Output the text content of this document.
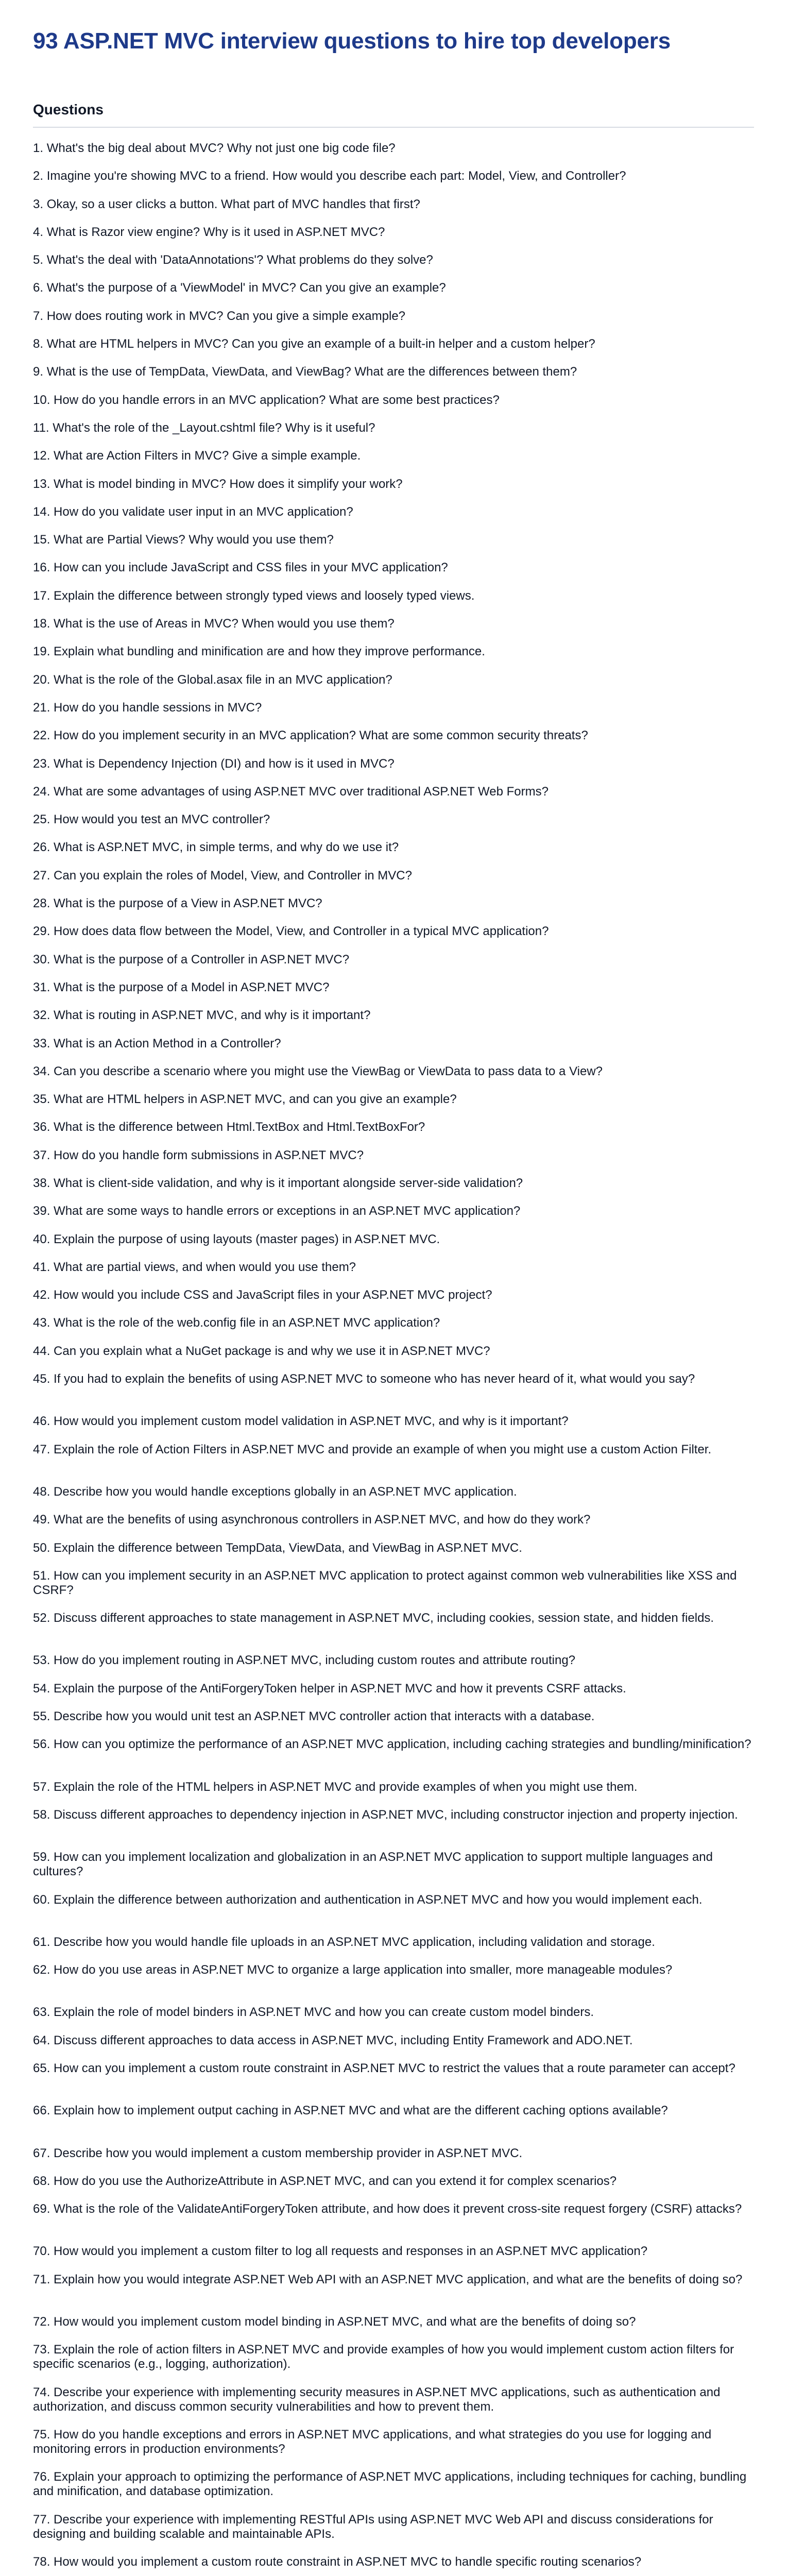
93 ASP.NET MVC interview questions to hire top developers
Questions
1. What's the big deal about MVC? Why not just one big code file?
2. Imagine you're showing MVC to a friend. How would you describe each part: Model, View, and Controller?
3. Okay, so a user clicks a button. What part of MVC handles that first?
4. What is Razor view engine? Why is it used in ASP.NET MVC?
5. What's the deal with 'DataAnnotations'? What problems do they solve?
6. What's the purpose of a 'ViewModel' in MVC? Can you give an example?
7. How does routing work in MVC? Can you give a simple example?
8. What are HTML helpers in MVC? Can you give an example of a built-in helper and a custom helper?
9. What is the use of TempData, ViewData, and ViewBag? What are the differences between them?
10. How do you handle errors in an MVC application? What are some best practices?
11. What's the role of the _Layout.cshtml file? Why is it useful?
12. What are Action Filters in MVC? Give a simple example.
13. What is model binding in MVC? How does it simplify your work?
14. How do you validate user input in an MVC application?
15. What are Partial Views? Why would you use them?
16. How can you include JavaScript and CSS files in your MVC application?
17. Explain the difference between strongly typed views and loosely typed views.
18. What is the use of Areas in MVC? When would you use them?
19. Explain what bundling and minification are and how they improve performance.
20. What is the role of the Global.asax file in an MVC application?
21. How do you handle sessions in MVC?
22. How do you implement security in an MVC application? What are some common security threats?
23. What is Dependency Injection (DI) and how is it used in MVC?
24. What are some advantages of using ASP.NET MVC over traditional ASP.NET Web Forms?
25. How would you test an MVC controller?
26. What is ASP.NET MVC, in simple terms, and why do we use it?
27. Can you explain the roles of Model, View, and Controller in MVC?
28. What is the purpose of a View in ASP.NET MVC?
29. How does data flow between the Model, View, and Controller in a typical MVC application?
30. What is the purpose of a Controller in ASP.NET MVC?
31. What is the purpose of a Model in ASP.NET MVC?
32. What is routing in ASP.NET MVC, and why is it important?
33. What is an Action Method in a Controller?
34. Can you describe a scenario where you might use the ViewBag or ViewData to pass data to a View?
35. What are HTML helpers in ASP.NET MVC, and can you give an example?
36. What is the difference between Html.TextBox and Html.TextBoxFor?
37. How do you handle form submissions in ASP.NET MVC?
38. What is client-side validation, and why is it important alongside server-side validation?
39. What are some ways to handle errors or exceptions in an ASP.NET MVC application?
40. Explain the purpose of using layouts (master pages) in ASP.NET MVC.
41. What are partial views, and when would you use them?
42. How would you include CSS and JavaScript files in your ASP.NET MVC project?
43. What is the role of the web.config file in an ASP.NET MVC application?
44. Can you explain what a NuGet package is and why we use it in ASP.NET MVC?
45. If you had to explain the benefits of using ASP.NET MVC to someone who has never heard of it, what would you say?
46. How would you implement custom model validation in ASP.NET MVC, and why is it important?
47. Explain the role of Action Filters in ASP.NET MVC and provide an example of when you might use a custom Action Filter.
48. Describe how you would handle exceptions globally in an ASP.NET MVC application.
49. What are the benefits of using asynchronous controllers in ASP.NET MVC, and how do they work?
50. Explain the difference between TempData, ViewData, and ViewBag in ASP.NET MVC.
51. How can you implement security in an ASP.NET MVC application to protect against common web vulnerabilities like XSS and CSRF?
52. Discuss different approaches to state management in ASP.NET MVC, including cookies, session state, and hidden fields.
53. How do you implement routing in ASP.NET MVC, including custom routes and attribute routing?
54. Explain the purpose of the AntiForgeryToken helper in ASP.NET MVC and how it prevents CSRF attacks.
55. Describe how you would unit test an ASP.NET MVC controller action that interacts with a database.
56. How can you optimize the performance of an ASP.NET MVC application, including caching strategies and bundling/minification?
57. Explain the role of the HTML helpers in ASP.NET MVC and provide examples of when you might use them.
58. Discuss different approaches to dependency injection in ASP.NET MVC, including constructor injection and property injection.
59. How can you implement localization and globalization in an ASP.NET MVC application to support multiple languages and cultures?
60. Explain the difference between authorization and authentication in ASP.NET MVC and how you would implement each.
61. Describe how you would handle file uploads in an ASP.NET MVC application, including validation and storage.
62. How do you use areas in ASP.NET MVC to organize a large application into smaller, more manageable modules?
63. Explain the role of model binders in ASP.NET MVC and how you can create custom model binders.
64. Discuss different approaches to data access in ASP.NET MVC, including Entity Framework and ADO.NET.
65. How can you implement a custom route constraint in ASP.NET MVC to restrict the values that a route parameter can accept?
66. Explain how to implement output caching in ASP.NET MVC and what are the different caching options available?
67. Describe how you would implement a custom membership provider in ASP.NET MVC.
68. How do you use the AuthorizeAttribute in ASP.NET MVC, and can you extend it for complex scenarios?
69. What is the role of the ValidateAntiForgeryToken attribute, and how does it prevent cross-site request forgery (CSRF) attacks?
70. How would you implement a custom filter to log all requests and responses in an ASP.NET MVC application?
71. Explain how you would integrate ASP.NET Web API with an ASP.NET MVC application, and what are the benefits of doing so?
72. How would you implement custom model binding in ASP.NET MVC, and what are the benefits of doing so?
73. Explain the role of action filters in ASP.NET MVC and provide examples of how you would implement custom action filters for specific scenarios (e.g., logging, authorization).
74. Describe your experience with implementing security measures in ASP.NET MVC applications, such as authentication and authorization, and discuss common security vulnerabilities and how to prevent them.
75. How do you handle exceptions and errors in ASP.NET MVC applications, and what strategies do you use for logging and monitoring errors in production environments?
76. Explain your approach to optimizing the performance of ASP.NET MVC applications, including techniques for caching, bundling and minification, and database optimization.
77. Describe your experience with implementing RESTful APIs using ASP.NET MVC Web API and discuss considerations for designing and building scalable and maintainable APIs.
78. How would you implement a custom route constraint in ASP.NET MVC to handle specific routing scenarios?
